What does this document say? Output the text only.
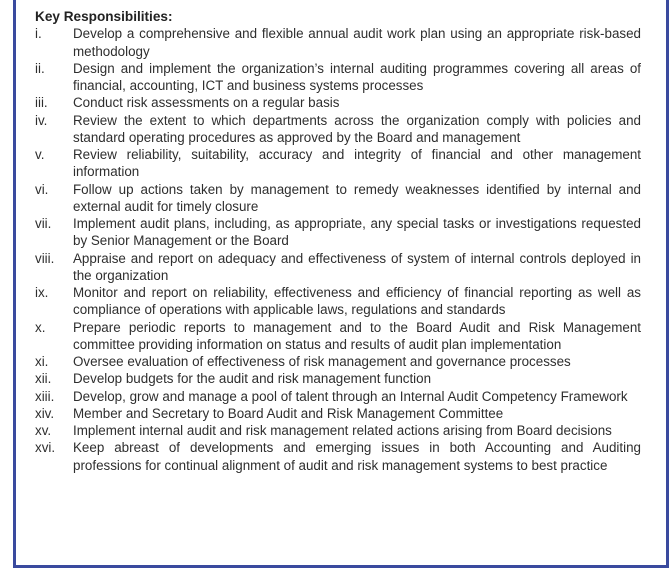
Key Responsibilities:
i.	Develop a comprehensive and flexible annual audit work plan using an appropriate risk-based methodology
ii.	Design and implement the organization’s internal auditing programmes covering all areas of financial, accounting, ICT and business systems processes
iii.	Conduct risk assessments on a regular basis
iv.	Review the extent to which departments across the organization comply with policies and standard operating procedures as approved by the Board and management
v.	Review reliability, suitability, accuracy and integrity of financial and other management information
vi.	Follow up actions taken by management to remedy weaknesses identified by internal and external audit for timely closure
vii.	Implement audit plans, including, as appropriate, any special tasks or investigations requested by Senior Management or the Board
viii.	Appraise and report on adequacy and effectiveness of system of internal controls deployed in the organization
ix.	Monitor and report on reliability, effectiveness and efficiency of financial reporting as well as compliance of operations with applicable laws, regulations and standards
x.	Prepare periodic reports to management and to the Board Audit and Risk Management committee providing information on status and results of audit plan implementation
xi.	Oversee evaluation of effectiveness of risk management and governance processes
xii.	Develop budgets for the audit and risk management function
xiii.	Develop, grow and manage a pool of talent through an Internal Audit Competency Framework
xiv.	Member and Secretary to Board Audit and Risk Management Committee
xv.	Implement internal audit and risk management related actions arising from Board decisions
xvi.	Keep abreast of developments and emerging issues in both Accounting and Auditing professions for continual alignment of audit and risk management systems to best practice
